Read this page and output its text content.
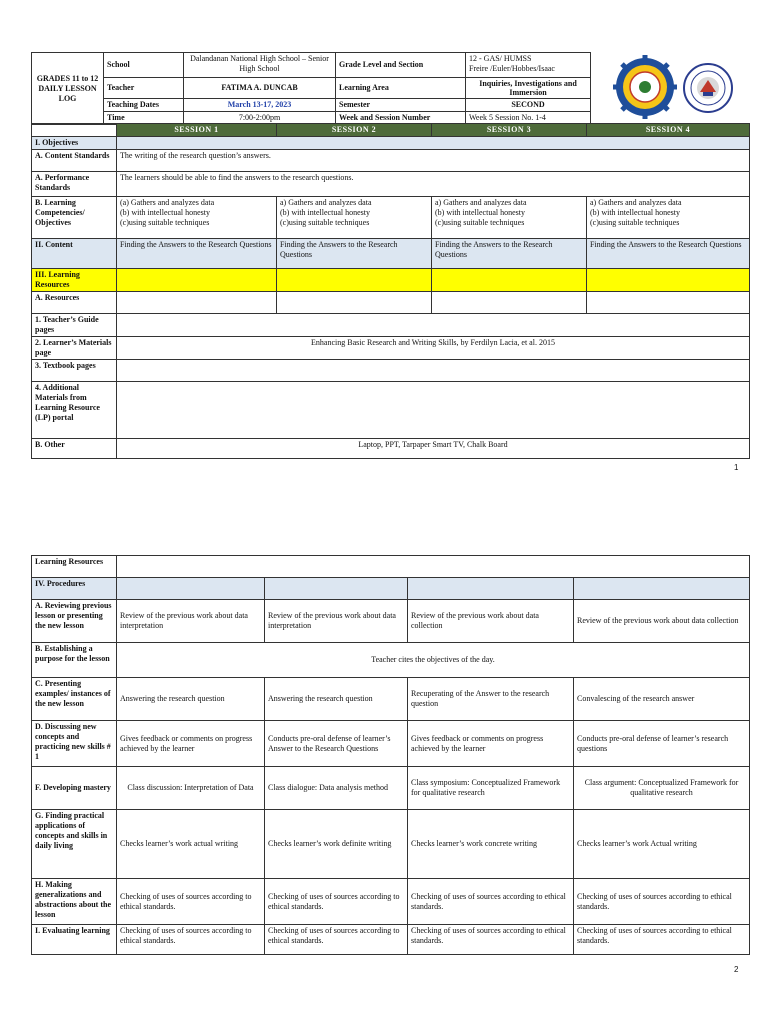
GRADES 11 to 12 DAILY LESSON LOG	School	Dalandanan National High School – Senior High School	Grade Level and Section	12 - GAS/ HUMSS
Freire /Euler/Hobbes/Isaac	
	Teacher	FATIMA A. DUNCAB	Learning Area	Inquiries, Investigations and Immersion	
	Teaching Dates	March 13-17, 2023	Semester	SECOND	
	Time	7:00-2:00pm	Week and Session Number	Week 5 Session No. 1-4	
	SESSION 1	SESSION 2	SESSION 3	SESSION 4
I. Objectives				
A. Content Standards	The writing of the research question’s answers.			
A. Performance Standards	The learners should be able to find the answers to the research questions.			
B. Learning Competencies/ Objectives	(a) Gathers and analyzes data
(b) with intellectual honesty
(c)using suitable techniques	a) Gathers and analyzes data
(b) with intellectual honesty
(c)using suitable techniques	a) Gathers and analyzes data
(b) with intellectual honesty
(c)using suitable techniques	a) Gathers and analyzes data
(b) with intellectual honesty
(c)using suitable techniques
II. Content	Finding the Answers to the Research Questions	Finding the Answers to the Research Questions	Finding the Answers to the Research Questions	Finding the Answers to the Research Questions
III. Learning Resources				
A. Resources				
1. Teacher’s Guide pages				
2. Learner’s Materials page	Enhancing Basic Research and Writing Skills, by Ferdilyn Lacia, et al. 2015			
3. Textbook pages				
4. Additional Materials from Learning Resource (LP) portal				
B. Other	Laptop, PPT, Tarpaper Smart TV, Chalk Board			
1
Learning Resources				
IV. Procedures				
A. Reviewing previous lesson or presenting the new lesson	Review of the previous work about data interpretation	Review of the previous work about data interpretation	Review of the previous work about data collection	Review of the previous work about data collection
B. Establishing a purpose for the lesson	Teacher cites the objectives of the day.			
C. Presenting examples/ instances of the new lesson	Answering the research question	Answering the research question	Recuperating of the Answer to the research question	Convalescing of the research answer
D. Discussing new concepts and practicing new skills # 1	Gives feedback or comments on progress achieved by the learner	Conducts pre-oral defense of learner’s Answer to the Research Questions	Gives feedback or comments on progress achieved by the learner	Conducts pre-oral defense of learner’s research questions
F. Developing mastery	Class discussion: Interpretation of Data	Class dialogue: Data analysis method	Class symposium: Conceptualized Framework for qualitative research	Class argument: Conceptualized Framework for qualitative research
G. Finding practical applications of concepts and skills in daily living	Checks learner’s work actual writing	Checks learner’s work definite writing	Checks learner’s work concrete writing	Checks learner’s work Actual writing
H. Making generalizations and abstractions about the lesson	Checking of uses of sources according to ethical standards.	Checking of uses of sources according to ethical standards.	Checking of uses of sources according to ethical standards.	Checking of uses of sources according to ethical standards.
I. Evaluating learning	Checking of uses of sources according to ethical standards.	Checking of uses of sources according to ethical standards.	Checking of uses of sources according to ethical standards.	Checking of uses of sources according to ethical standards.
2
